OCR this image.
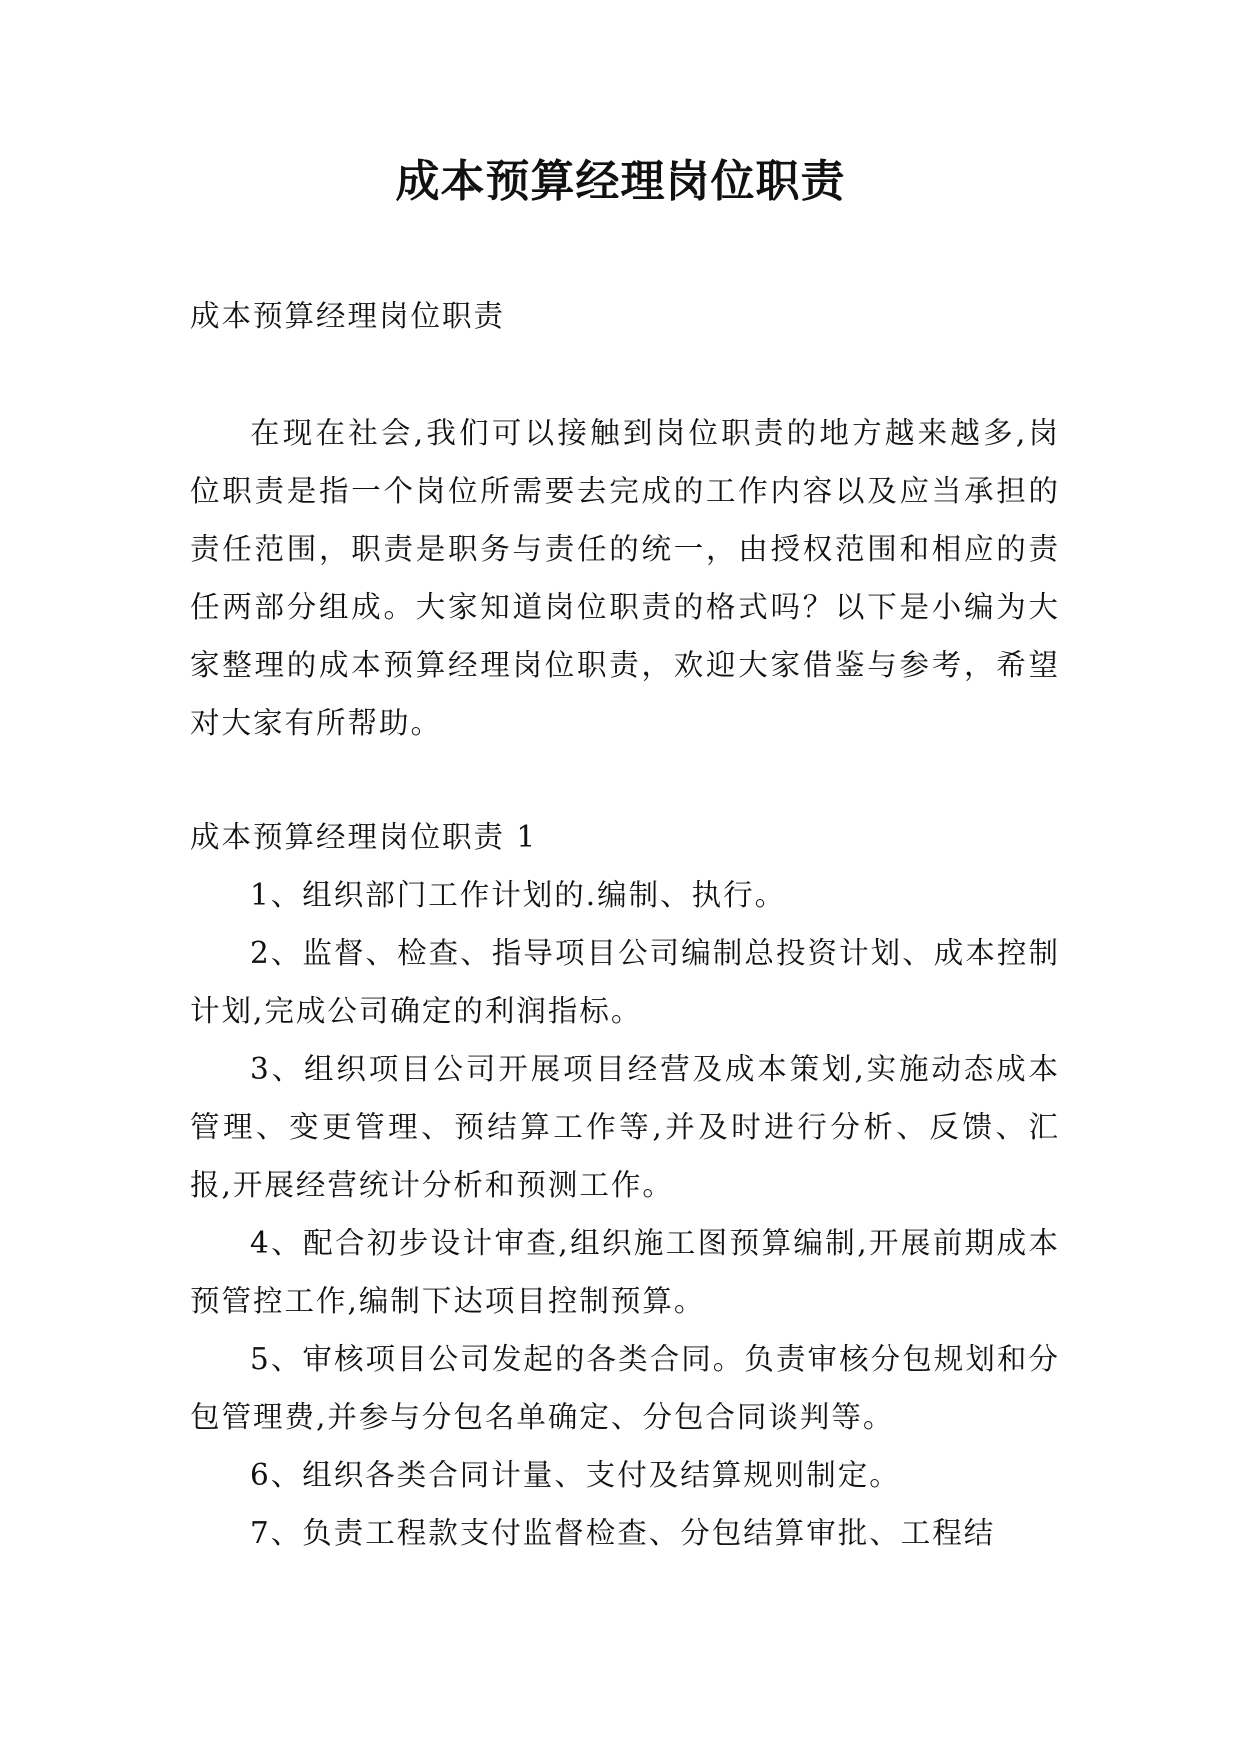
成本预算经理岗位职责
成本预算经理岗位职责
在现在社会,我们可以接触到岗位职责的地方越来越多,岗位职责是指一个岗位所需要去完成的工作内容以及应当承担的责任范围，职责是职务与责任的统一，由授权范围和相应的责任两部分组成。大家知道岗位职责的格式吗？以下是小编为大家整理的成本预算经理岗位职责，欢迎大家借鉴与参考，希望对大家有所帮助。

成本预算经理岗位职责 1

1、组织部门工作计划的.编制、执行。

2、监督、检查、指导项目公司编制总投资计划、成本控制计划,完成公司确定的利润指标。

3、组织项目公司开展项目经营及成本策划,实施动态成本管理、变更管理、预结算工作等,并及时进行分析、反馈、汇报,开展经营统计分析和预测工作。

4、配合初步设计审查,组织施工图预算编制,开展前期成本预管控工作,编制下达项目控制预算。

5、审核项目公司发起的各类合同。负责审核分包规划和分包管理费,并参与分包名单确定、分包合同谈判等。

6、组织各类合同计量、支付及结算规则制定。

7、负责工程款支付监督检查、分包结算审批、工程结
